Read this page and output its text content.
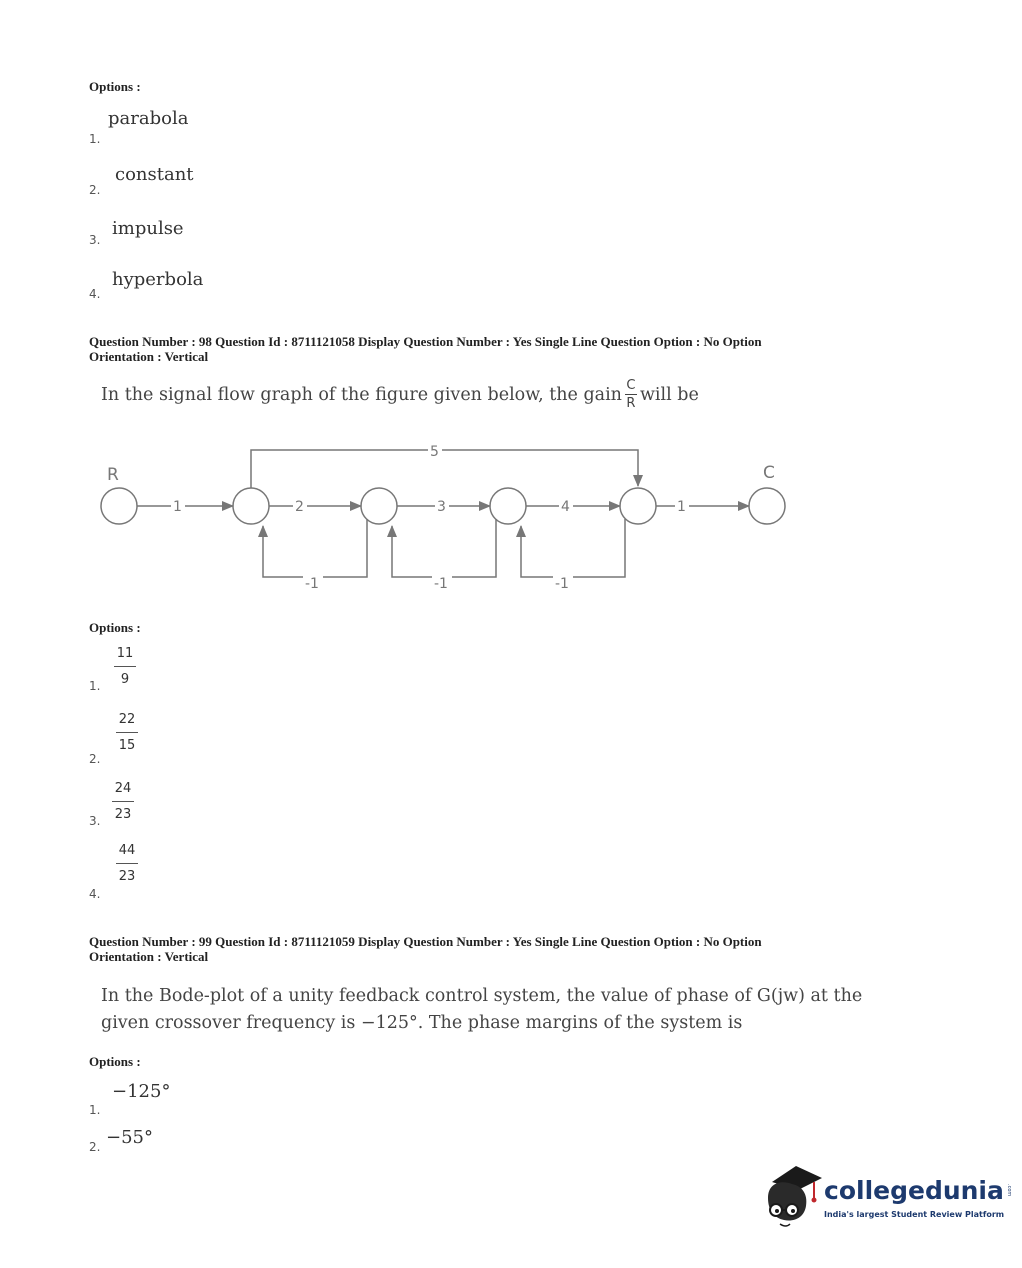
Options :
parabola
1.
constant
2.
impulse
3.
hyperbola
4.
Question Number : 98 Question Id : 8711121058 Display Question Number : Yes Single Line Question Option : No Option
Orientation : Vertical
In the signal flow graph of the figure given below, the gain C
R will be
R	C
1	2	3	4	1
5
-1	-1	-1
Options :
11
9
1.
22
15
2.
24
23
3.
44
23
4.
Question Number : 99 Question Id : 8711121059 Display Question Number : Yes Single Line Question Option : No Option
Orientation : Vertical
In the Bode-plot of a unity feedback control system, the value of phase of G(jw) at the
given crossover frequency is −125°. The phase margins of the system is
Options :
−125°
1.
−55°
2.
collegedunia .com
India's largest Student Review Platform
